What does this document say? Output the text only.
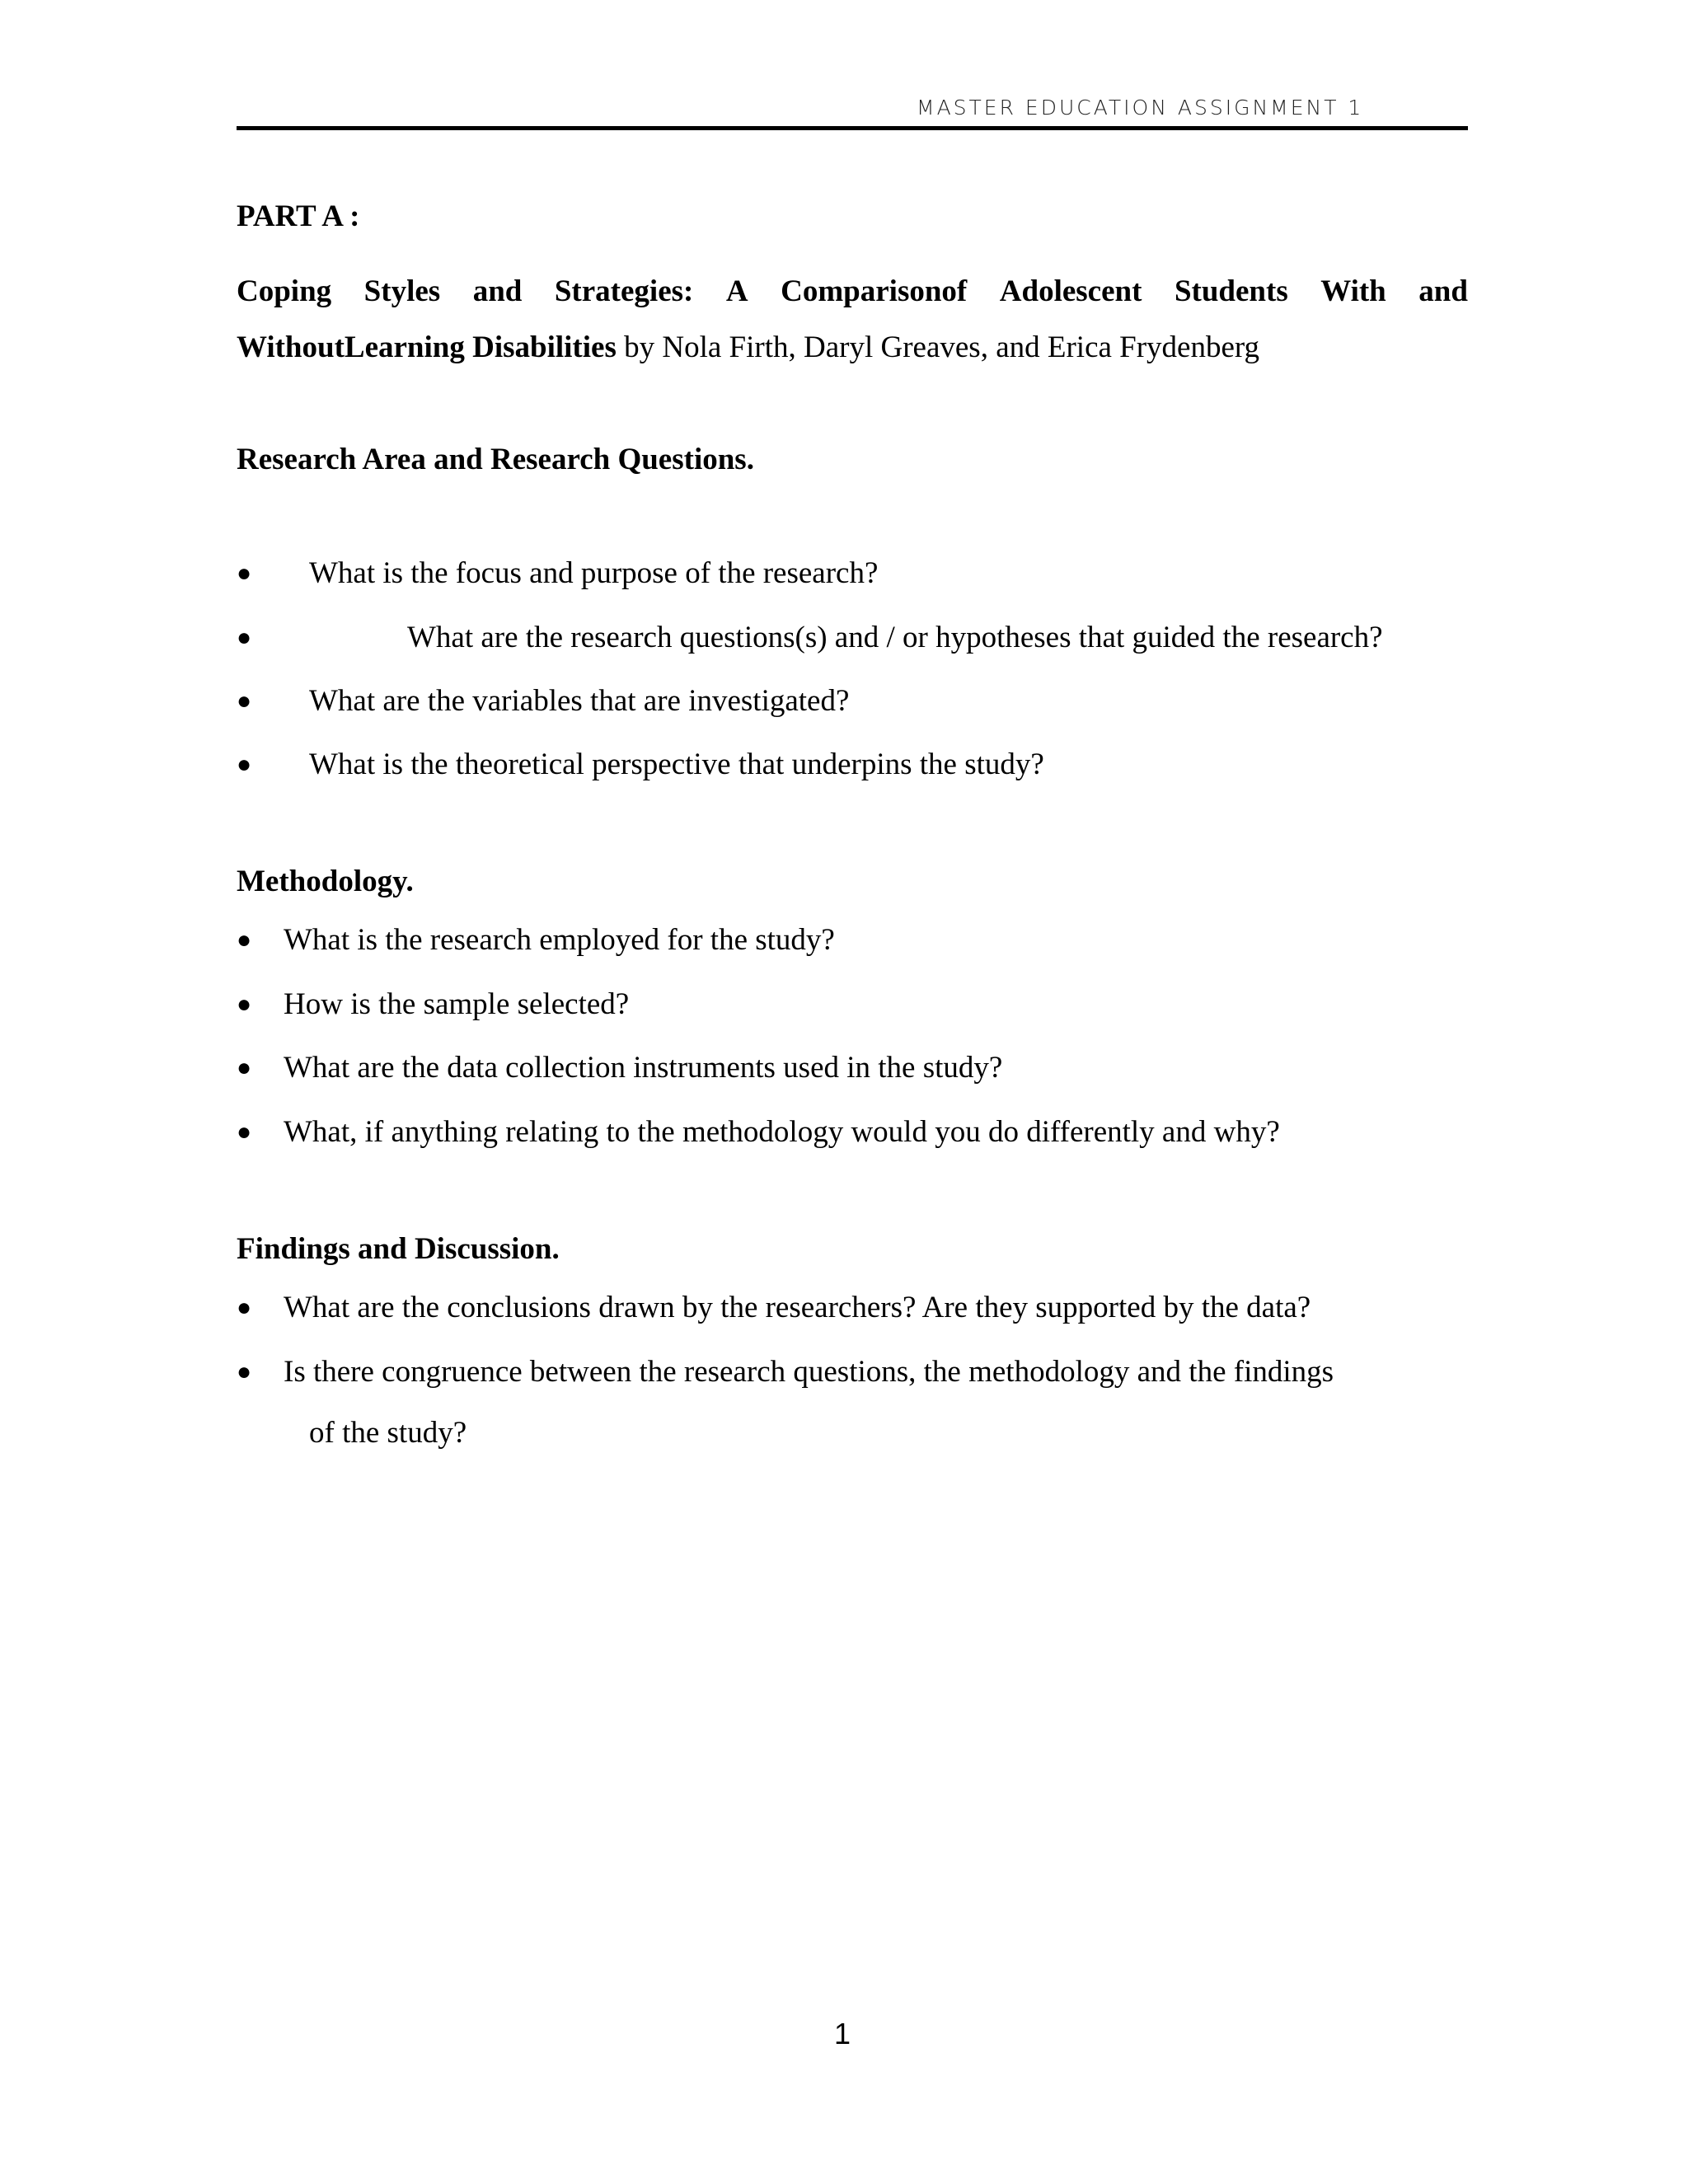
MASTER EDUCATION ASSIGNMENT 1
PART A :
Coping Styles and Strategies: A Comparisonof Adolescent Students With and
WithoutLearning Disabilities by Nola Firth, Daryl Greaves, and Erica Frydenberg
Research Area and Research Questions.
● What is the focus and purpose of the research?
●	What are the research questions(s) and / or hypotheses that guided the research?
● What are the variables that are investigated?
● What is the theoretical perspective that underpins the study?
Methodology.
● What is the research employed for the study?
● How is the sample selected?
● What are the data collection instruments used in the study?
● What, if anything relating to the methodology would you do differently and why?
Findings and Discussion.
● What are the conclusions drawn by the researchers? Are they supported by the data?
● Is there congruence between the research questions, the methodology and the findings
of the study?
1
